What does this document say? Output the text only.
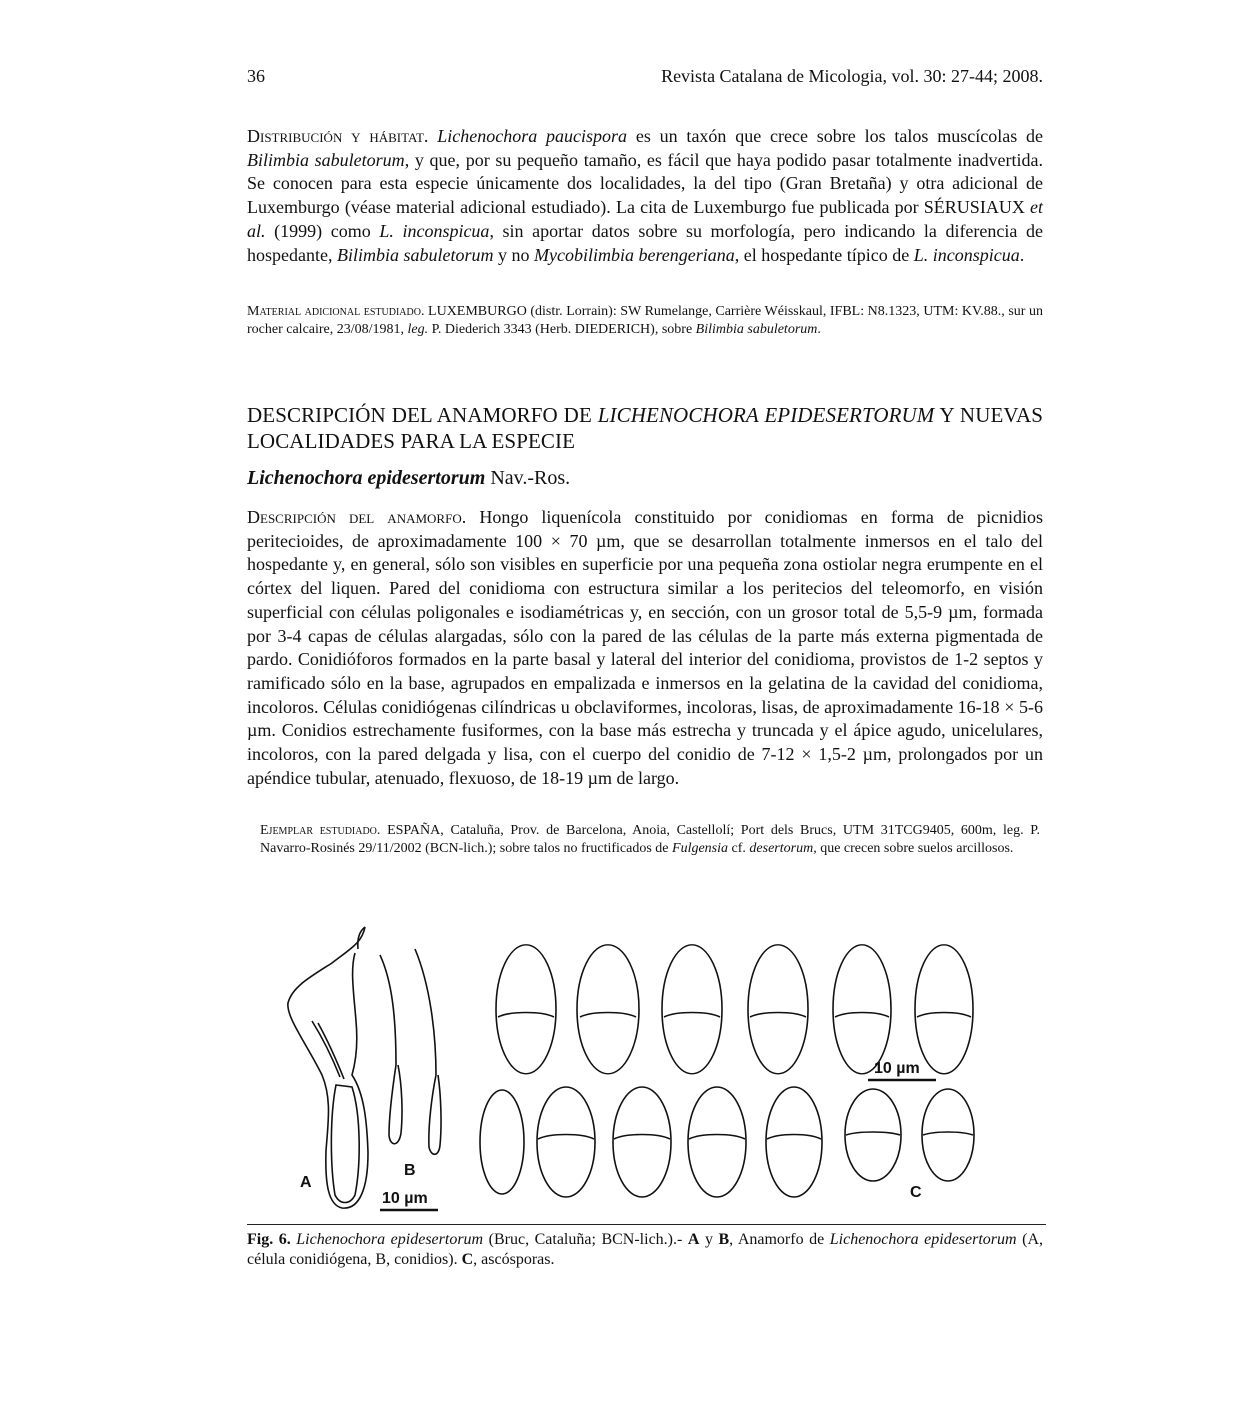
36	Revista Catalana de Micologia, vol. 30: 27-44; 2008.

Distribución y hábitat. Lichenochora paucispora es un taxón que crece sobre los talos muscícolas de Bilimbia sabuletorum, y que, por su pequeño tamaño, es fácil que haya podido pasar totalmente inadvertida. Se conocen para esta especie únicamente dos localidades, la del tipo (Gran Bretaña) y otra adicional de Luxemburgo (véase material adicional estudiado). La cita de Luxemburgo fue publicada por SÉRUSIAUX et al. (1999) como L. inconspicua, sin aportar datos sobre su morfología, pero indicando la diferencia de hospedante, Bilimbia sabuletorum y no Mycobilimbia berengeriana, el hospedante típico de L. inconspicua.

Material adicional estudiado. LUXEMBURGO (distr. Lorrain): SW Rumelange, Carrière Wéisskaul, IFBL: N8.1323, UTM: KV.88., sur un rocher calcaire, 23/08/1981, leg. P. Diederich 3343 (Herb. DIEDERICH), sobre Bilimbia sabuletorum.

DESCRIPCIÓN DEL ANAMORFO DE LICHENOCHORA EPIDESERTORUM Y NUEVAS LOCALIDADES PARA LA ESPECIE
Lichenochora epidesertorum Nav.-Ros.

Descripción del anamorfo. Hongo liquenícola constituido por conidiomas en forma de picnidios peritecioides, de aproximadamente 100 × 70 µm, que se desarrollan totalmente inmersos en el talo del hospedante y, en general, sólo son visibles en superficie por una pequeña zona ostiolar negra erumpente en el córtex del liquen. Pared del conidioma con estructura similar a los peritecios del teleomorfo, en visión superficial con células poligonales e isodiamétricas y, en sección, con un grosor total de 5,5-9 µm, formada por 3-4 capas de células alargadas, sólo con la pared de las células de la parte más externa pigmentada de pardo. Conidióforos formados en la parte basal y lateral del interior del conidioma, provistos de 1-2 septos y ramificado sólo en la base, agrupados en empalizada e inmersos en la gelatina de la cavidad del conidioma, incoloros. Células conidiógenas cilíndricas u obclaviformes, incoloras, lisas, de aproximadamente 16-18 × 5-6 µm. Conidios estrechamente fusiformes, con la base más estrecha y truncada y el ápice agudo, unicelulares, incoloros, con la pared delgada y lisa, con el cuerpo del conidio de 7-12 × 1,5-2 µm, prolongados por un apéndice tubular, atenuado, flexuoso, de 18-19 µm de largo.

Ejemplar estudiado. ESPAÑA, Cataluña, Prov. de Barcelona, Anoia, Castellolí; Port dels Brucs, UTM 31TCG9405, 600m, leg. P. Navarro-Rosinés 29/11/2002 (BCN-lich.); sobre talos no fructificados de Fulgensia cf. desertorum, que crecen sobre suelos arcillosos.

A
B
C
10 µm
10 µm

Fig. 6. Lichenochora epidesertorum (Bruc, Cataluña; BCN-lich.).- A y B, Anamorfo de Lichenochora epidesertorum (A, célula conidiógena, B, conidios). C, ascósporas.
